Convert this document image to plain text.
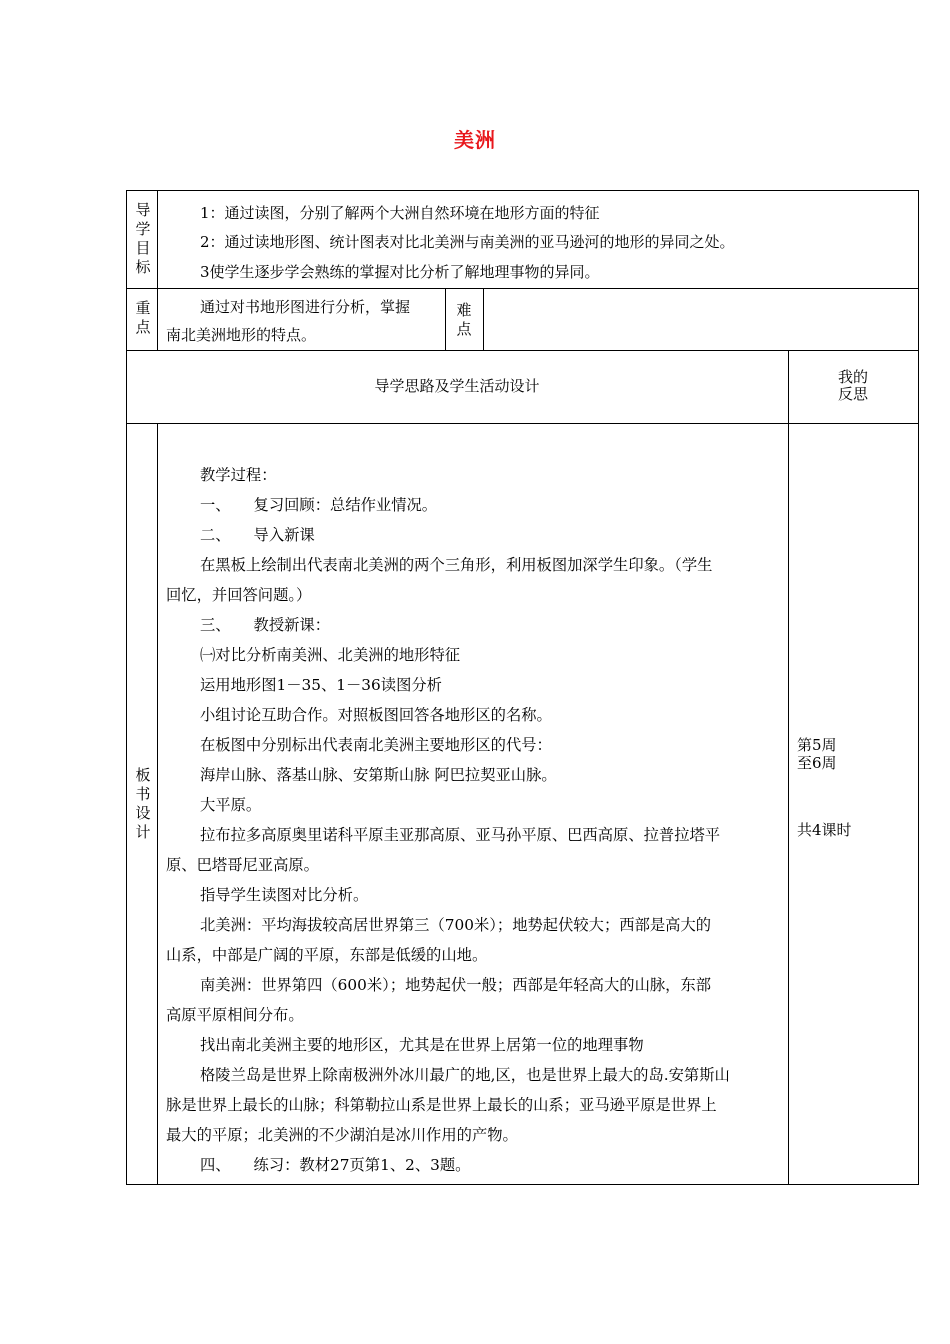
美洲
导
学
目
标
1：通过读图，分别了解两个大洲自然环境在地形方面的特征
2：通过读地形图、统计图表对比北美洲与南美洲的亚马逊河的地形的异同之处。
3使学生逐步学会熟练的掌握对比分析了解地理事物的异同。
重
点
通过对书地形图进行分析，掌握
南北美洲地形的特点。
难
点
导学思路及学生活动设计	我的
反思
板
书
设
计
教学过程：
一、　　复习回顾：总结作业情况。
二、　　导入新课
在黑板上绘制出代表南北美洲的两个三角形，利用板图加深学生印象。（学生
回忆，并回答问题。）
三、　　教授新课：
㈠对比分析南美洲、北美洲的地形特征
运用地形图1－35、1－36读图分析
小组讨论互助合作。对照板图回答各地形区的名称。
在板图中分别标出代表南北美洲主要地形区的代号：
海岸山脉、落基山脉、安第斯山脉 阿巴拉契亚山脉。
大平原。
拉布拉多高原奥里诺科平原圭亚那高原、亚马孙平原、巴西高原、拉普拉塔平
原、巴塔哥尼亚高原。
指导学生读图对比分析。
北美洲：平均海拔较高居世界第三（700米）；地势起伏较大；西部是高大的
山系，中部是广阔的平原，东部是低缓的山地。
南美洲：世界第四（600米）；地势起伏一般；西部是年轻高大的山脉，东部
高原平原相间分布。
找出南北美洲主要的地形区，尤其是在世界上居第一位的地理事物
格陵兰岛是世界上除南极洲外冰川最广的地,区，也是世界上最大的岛.安第斯山
脉是世界上最长的山脉；科第勒拉山系是世界上最长的山系；亚马逊平原是世界上
最大的平原；北美洲的不少湖泊是冰川作用的产物。
四、　　练习：教材27页第1、2、3题。
第5周
至6周
共4课时
